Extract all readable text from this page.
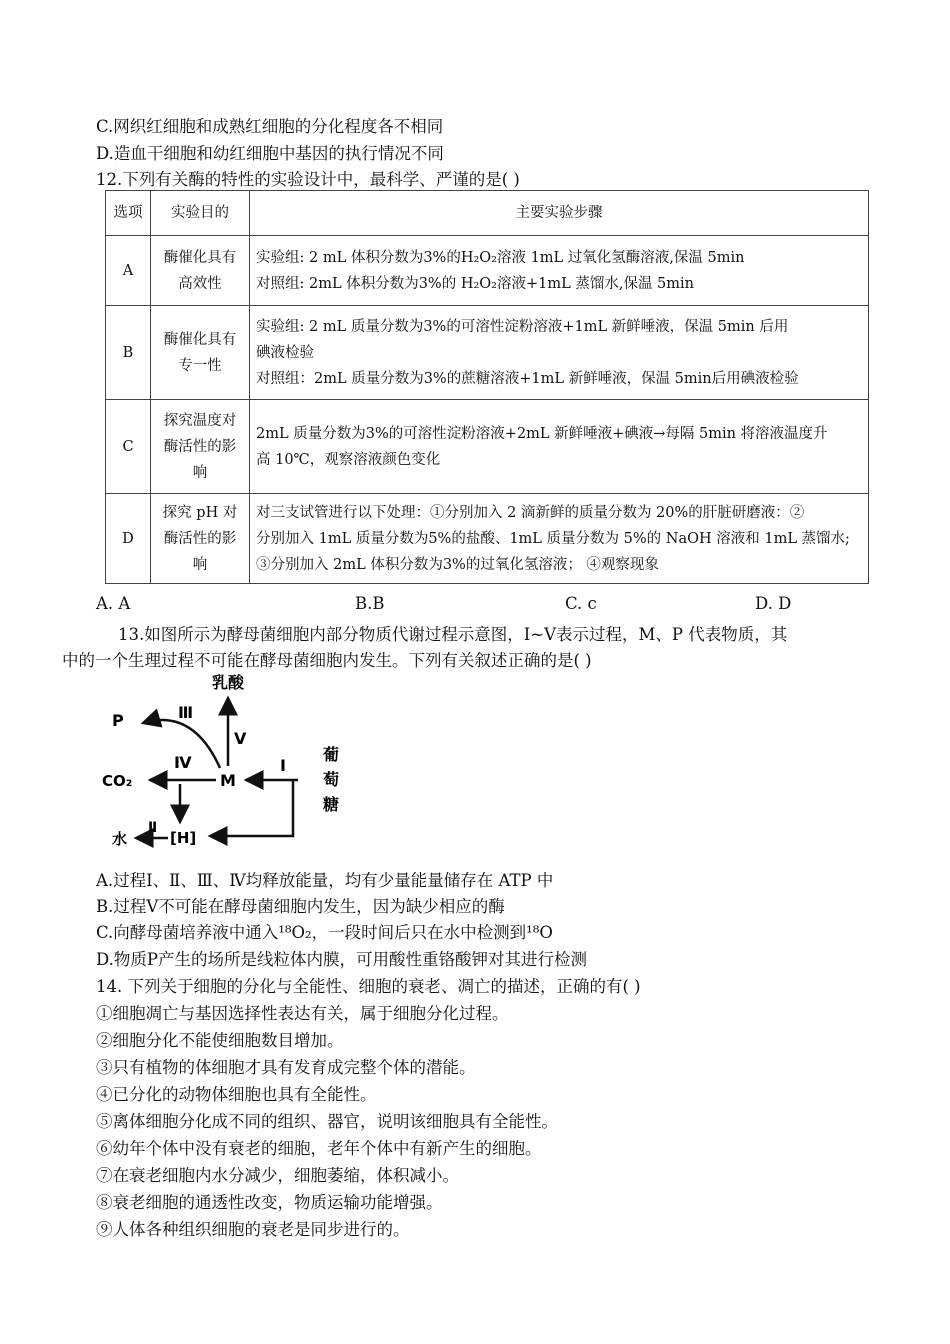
C.网织红细胞和成熟红细胞的分化程度各不相同
D.造血干细胞和幼红细胞中基因的执行情况不同
12.下列有关酶的特性的实验设计中，最科学、严谨的是( )
选项	实验目的	主要实验步骤
A	酶催化具有高效性	实验组: 2 mL 体积分数为3%的H₂O₂溶液 1mL 过氧化氢酶溶液,保温 5min
对照组: 2mL 体积分数为3%的 H₂O₂溶液+1mL 蒸馏水,保温 5min

B	酶催化具有专一性	实验组: 2 mL 质量分数为3%的可溶性淀粉溶液+1mL 新鲜唾液，保温 5min 后用
碘液检验
对照组：2mL 质量分数为3%的蔗糖溶液+1mL 新鲜唾液，保温 5min后用碘液检验

C	探究温度对酶活性的影响	2mL 质量分数为3%的可溶性淀粉溶液+2mL 新鲜唾液+碘液→每隔 5min 将溶液温度升
高 10℃，观察溶液颜色变化

D	探究 pH 对酶活性的影响	对三支试管进行以下处理：①分别加入 2 滴新鲜的质量分数为 20%的肝脏研磨液：②
分别加入 1mL 质量分数为5%的盐酸、1mL 质量分数为 5%的 NaOH 溶液和 1mL 蒸馏水;
③分别加入 2mL 体积分数为3%的过氧化氢溶液； ④观察现象
A. A	B.B	C. c	D. D
13.如图所示为酵母菌细胞内部分物质代谢过程示意图，Ⅰ~Ⅴ表示过程，M、P 代表物质，其
中的一个生理过程不可能在酵母菌细胞内发生。下列有关叙述正确的是( )
乳酸
V
P	Ⅲ
M
CO₂
Ⅳ	I
葡
萄
糖
[H]
Ⅱ
水
A.过程Ⅰ、Ⅱ、Ⅲ、Ⅳ均释放能量，均有少量能量储存在 ATP 中
B.过程Ⅴ不可能在酵母菌细胞内发生，因为缺少相应的酶
C.向酵母菌培养液中通入¹⁸O₂，一段时间后只在水中检测到¹⁸O
D.物质P产生的场所是线粒体内膜，可用酸性重铬酸钾对其进行检测
14. 下列关于细胞的分化与全能性、细胞的衰老、凋亡的描述，正确的有( )
①细胞凋亡与基因选择性表达有关，属于细胞分化过程。
②细胞分化不能使细胞数目增加。
③只有植物的体细胞才具有发育成完整个体的潜能。
④已分化的动物体细胞也具有全能性。
⑤离体细胞分化成不同的组织、器官，说明该细胞具有全能性。
⑥幼年个体中没有衰老的细胞，老年个体中有新产生的细胞。
⑦在衰老细胞内水分减少，细胞萎缩，体积减小。
⑧衰老细胞的通透性改变，物质运输功能增强。
⑨人体各种组织细胞的衰老是同步进行的。
